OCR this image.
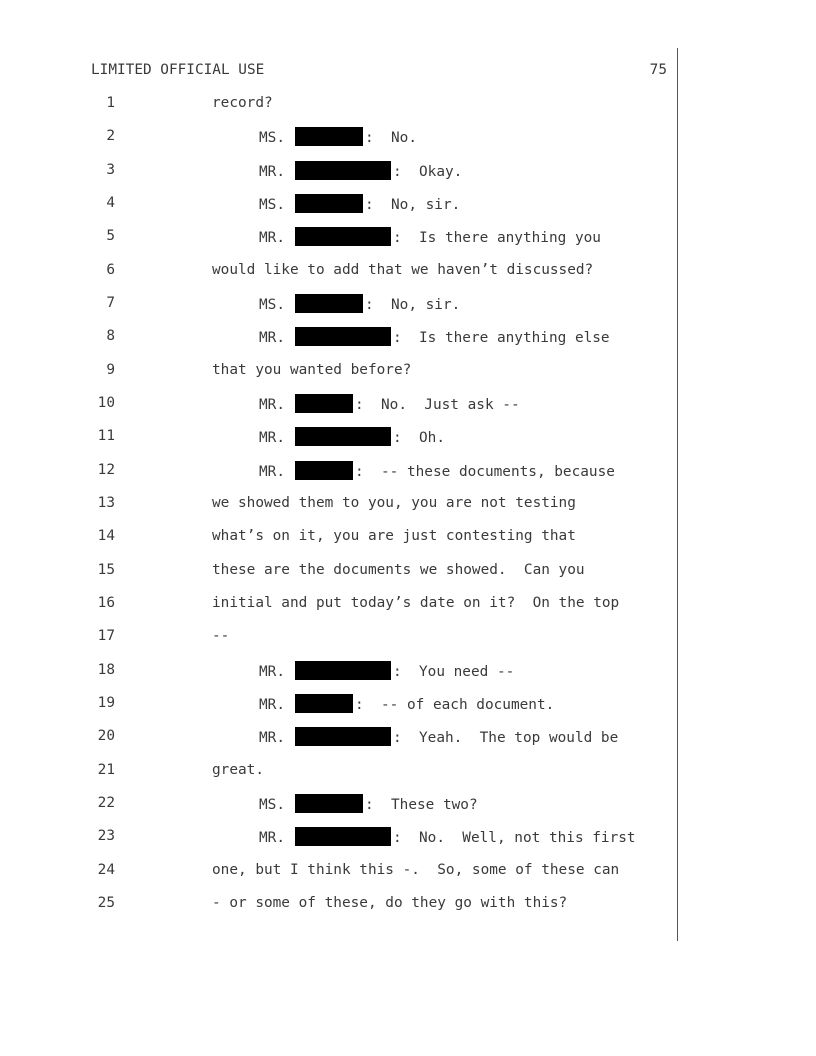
LIMITED OFFICIAL USE	75
1	record?
2	MS.	:  No.
3	MR.	:  Okay.
4	MS.	:  No, sir.
5	MR.	:  Is there anything you
6	would like to add that we haven’t discussed?
7	MS.	:  No, sir.
8	MR.	:  Is there anything else
9	that you wanted before?
10	MR.	:  No.  Just ask --
11	MR.	:  Oh.
12	MR.	:  -- these documents, because
13	we showed them to you, you are not testing
14	what’s on it, you are just contesting that
15	these are the documents we showed.  Can you
16	initial and put today’s date on it?  On the top
17	--
18	MR.	:  You need --
19	MR.	:  -- of each document.
20	MR.	:  Yeah.  The top would be
21	great.
22	MS.	:  These two?
23	MR.	:  No.  Well, not this first
24	one, but I think this -.  So, some of these can
25	- or some of these, do they go with this?
